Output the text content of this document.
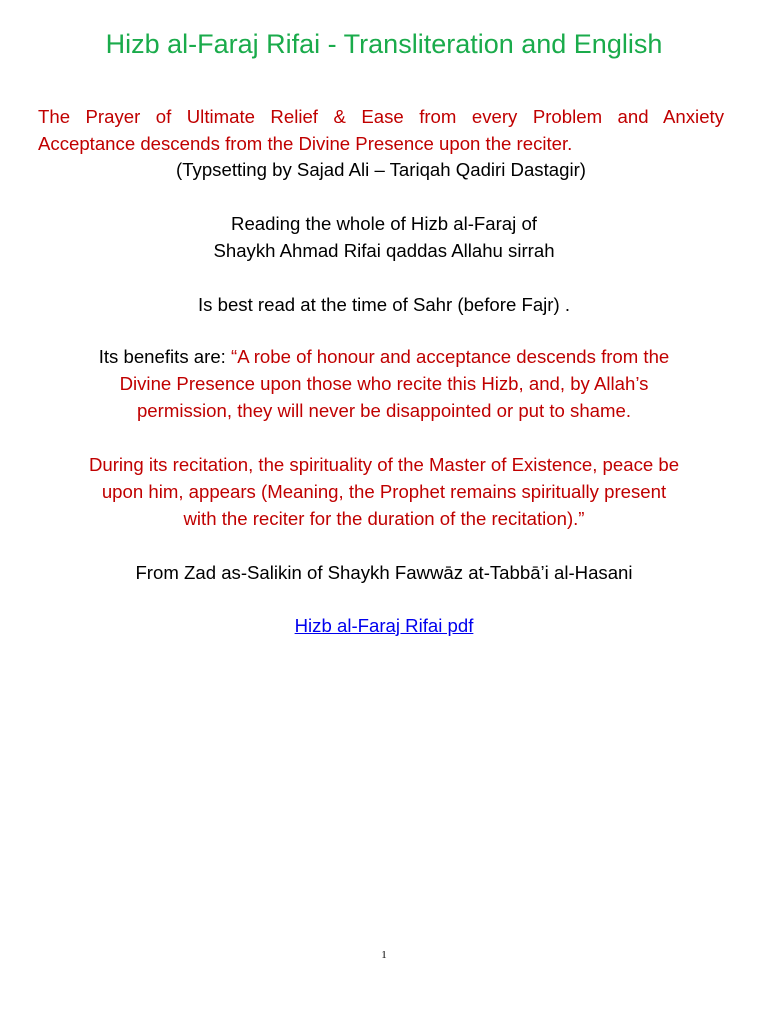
Hizb al-Faraj Rifai - Transliteration and English
The Prayer of Ultimate Relief & Ease from every Problem and Anxiety
Acceptance descends from the Divine Presence upon the reciter.
(Typsetting by Sajad Ali – Tariqah Qadiri Dastagir)
Reading the whole of Hizb al-Faraj of
Shaykh Ahmad Rifai qaddas Allahu sirrah
Is best read at the time of Sahr (before Fajr) .
Its benefits are: “A robe of honour and acceptance descends from the
Divine Presence upon those who recite this Hizb, and, by Allah’s
permission, they will never be disappointed or put to shame.
During its recitation, the spirituality of the Master of Existence, peace be
upon him, appears (Meaning, the Prophet remains spiritually present
with the reciter for the duration of the recitation).”
From Zad as-Salikin of Shaykh Fawwāz at-Tabbā’i al-Hasani
Hizb al-Faraj Rifai pdf
1
